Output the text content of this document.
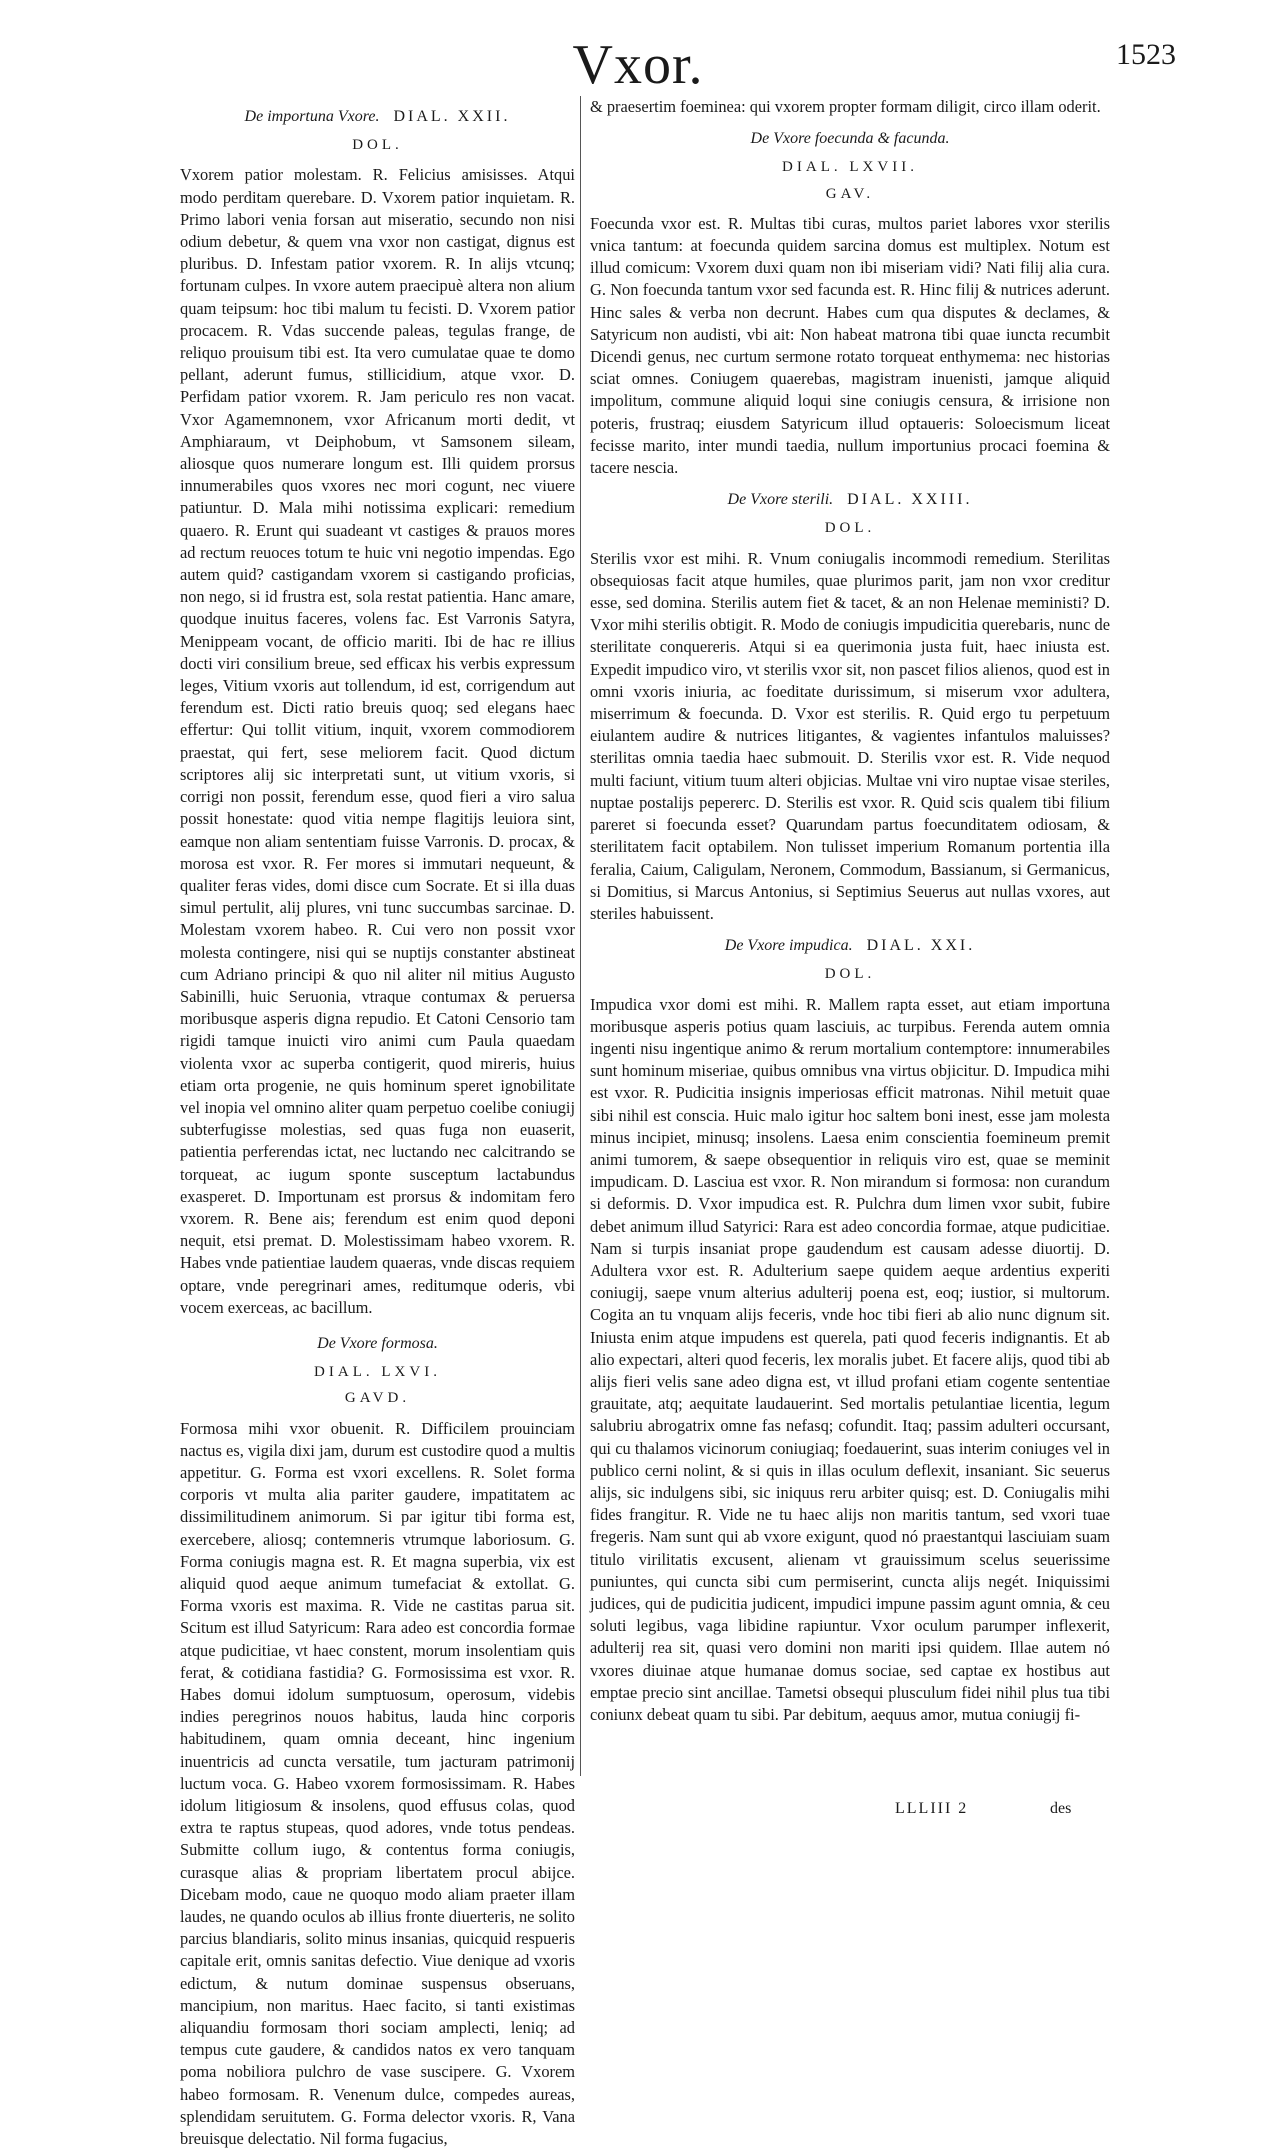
Vxor.	1523
De importuna Vxore. DIAL. XXII.
DOL.

Vxorem patior molestam. R. Felicius amisisses. Atqui modo perditam querebare. D. Vxorem patior inquietam. R. Primo labori venia forsan aut miseratio, secundo non nisi odium debetur, & quem vna vxor non castigat, dignus est pluribus. D. Infestam patior vxorem. R. In alijs vtcunq; fortunam culpes. In vxore autem praecipuè altera non alium quam teipsum: hoc tibi malum tu fecisti. D. Vxorem patior procacem. R. Vdas succende paleas, tegulas frange, de reliquo prouisum tibi est. Ita vero cumulatae quae te domo pellant, aderunt fumus, stillicidium, atque vxor. D. Perfidam patior vxorem. R. Jam periculo res non vacat. Vxor Agamemnonem, vxor Africanum morti dedit, vt Amphiaraum, vt Deiphobum, vt Samsonem sileam, aliosque quos numerare longum est. Illi quidem prorsus innumerabiles quos vxores nec mori cogunt, nec viuere patiuntur. D. Mala mihi notissima explicari: remedium quaero. R. Erunt qui suadeant vt castiges & prauos mores ad rectum reuoces totum te huic vni negotio impendas. Ego autem quid? castigandam vxorem si castigando proficias, non nego, si id frustra est, sola restat patientia. Hanc amare, quodque inuitus faceres, volens fac. Est Varronis Satyra, Menippeam vocant, de officio mariti. Ibi de hac re illius docti viri consilium breue, sed efficax his verbis expressum leges, Vitium vxoris aut tollendum, id est, corrigendum aut ferendum est. Dicti ratio breuis quoq; sed elegans haec effertur: Qui tollit vitium, inquit, vxorem commodiorem praestat, qui fert, sese meliorem facit. Quod dictum scriptores alij sic interpretati sunt, ut vitium vxoris, si corrigi non possit, ferendum esse, quod fieri a viro salua possit honestate: quod vitia nempe flagitijs leuiora sint, eamque non aliam sententiam fuisse Varronis. D. procax, & morosa est vxor. R. Fer mores si immutari nequeunt, & qualiter feras vides, domi disce cum Socrate. Et si illa duas simul pertulit, alij plures, vni tunc succumbas sarcinae. D. Molestam vxorem habeo. R. Cui vero non possit vxor molesta contingere, nisi qui se nuptijs constanter abstineat cum Adriano principi & quo nil aliter nil mitius Augusto Sabinilli, huic Seruonia, vtraque contumax & peruersa moribusque asperis digna repudio. Et Catoni Censorio tam rigidi tamque inuicti viro animi cum Paula quaedam violenta vxor ac superba contigerit, quod mireris, huius etiam orta progenie, ne quis hominum speret ignobilitate vel inopia vel omnino aliter quam perpetuo coelibe coniugij subterfugisse molestias, sed quas fuga non euaserit, patientia perferendas ictat, nec luctando nec calcitrando se torqueat, ac iugum sponte susceptum lactabundus exasperet. D. Importunam est prorsus & indomitam fero vxorem. R. Bene ais; ferendum est enim quod deponi nequit, etsi premat. D. Molestissimam habeo vxorem. R. Habes vnde patientiae laudem quaeras, vnde discas requiem optare, vnde peregrinari ames, reditumque oderis, vbi vocem exerceas, ac bacillum.

De Vxore formosa.
DIAL. LXVI.
GAVD.

Formosa mihi vxor obuenit. R. Difficilem prouinciam nactus es, vigila dixi jam, durum est custodire quod a multis appetitur. G. Forma est vxori excellens. R. Solet forma corporis vt multa alia pariter gaudere, impatitatem ac dissimilitudinem animorum. Si par igitur tibi forma est, exercebere, aliosq; contemneris vtrumque laboriosum. G. Forma coniugis magna est. R. Et magna superbia, vix est aliquid quod aeque animum tumefaciat & extollat. G. Forma vxoris est maxima. R. Vide ne castitas parua sit. Scitum est illud Satyricum: Rara adeo est concordia formae atque pudicitiae, vt haec constent, morum insolentiam quis ferat, & cotidiana fastidia? G. Formosissima est vxor. R. Habes domui idolum sumptuosum, operosum, videbis indies peregrinos nouos habitus, lauda hinc corporis habitudinem, quam omnia deceant, hinc ingenium inuentricis ad cuncta versatile, tum jacturam patrimonij luctum voca. G. Habeo vxorem formosissimam. R. Habes idolum litigiosum & insolens, quod effusus colas, quod extra te raptus stupeas, quod adores, vnde totus pendeas. Submitte collum iugo, & contentus forma coniugis, curasque alias & propriam libertatem procul abijce. Dicebam modo, caue ne quoquo modo aliam praeter illam laudes, ne quando oculos ab illius fronte diuerteris, ne solito parcius blandiaris, solito minus insanias, quicquid respueris capitale erit, omnis sanitas defectio. Viue denique ad vxoris edictum, & nutum dominae suspensus obseruans, mancipium, non maritus. Haec facito, si tanti existimas aliquandiu formosam thori sociam amplecti, leniq; ad tempus cute gaudere, & candidos natos ex vero tanquam poma nobiliora pulchro de vase suscipere. G. Vxorem habeo formosam. R. Venenum dulce, compedes aureas, splendidam seruitutem. G. Forma delector vxoris. R, Vana breuisque delectatio. Nil forma fugacius,

& praesertim foeminea: qui vxorem propter formam diligit, circo illam oderit.

De Vxore foecunda & facunda.
DIAL. LXVII.
GAV.

Foecunda vxor est. R. Multas tibi curas, multos pariet labores vxor sterilis vnica tantum: at foecunda quidem sarcina domus est multiplex. Notum est illud comicum: Vxorem duxi quam non ibi miseriam vidi? Nati filij alia cura. G. Non foecunda tantum vxor sed facunda est. R. Hinc filij & nutrices aderunt. Hinc sales & verba non decrunt. Habes cum qua disputes & declames, & Satyricum non audisti, vbi ait: Non habeat matrona tibi quae iuncta recumbit Dicendi genus, nec curtum sermone rotato torqueat enthymema: nec historias sciat omnes. Coniugem quaerebas, magistram inuenisti, jamque aliquid impolitum, commune aliquid loqui sine coniugis censura, & irrisione non poteris, frustraq; eiusdem Satyricum illud optaueris: Soloecismum liceat fecisse marito, inter mundi taedia, nullum importunius procaci foemina & tacere nescia.

De Vxore sterili. DIAL. XXIII.
DOL.

Sterilis vxor est mihi. R. Vnum coniugalis incommodi remedium. Sterilitas obsequiosas facit atque humiles, quae plurimos parit, jam non vxor creditur esse, sed domina. Sterilis autem fiet & tacet, & an non Helenae meministi? D. Vxor mihi sterilis obtigit. R. Modo de coniugis impudicitia querebaris, nunc de sterilitate conquereris. Atqui si ea querimonia justa fuit, haec iniusta est. Expedit impudico viro, vt sterilis vxor sit, non pascet filios alienos, quod est in omni vxoris iniuria, ac foeditate durissimum, si miserum vxor adultera, miserrimum & foecunda. D. Vxor est sterilis. R. Quid ergo tu perpetuum eiulantem audire & nutrices litigantes, & vagientes infantulos maluisses? sterilitas omnia taedia haec submouit. D. Sterilis vxor est. R. Vide nequod multi faciunt, vitium tuum alteri objicias. Multae vni viro nuptae visae steriles, nuptae postalijs pepererc. D. Sterilis est vxor. R. Quid scis qualem tibi filium pareret si foecunda esset? Quarundam partus foecunditatem odiosam, & sterilitatem facit optabilem. Non tulisset imperium Romanum portentia illa feralia, Caium, Caligulam, Neronem, Commodum, Bassianum, si Germanicus, si Domitius, si Marcus Antonius, si Septimius Seuerus aut nullas vxores, aut steriles habuissent.

De Vxore impudica. DIAL. XXI.
DOL.

Impudica vxor domi est mihi. R. Mallem rapta esset, aut etiam importuna moribusque asperis potius quam lasciuis, ac turpibus. Ferenda autem omnia ingenti nisu ingentique animo & rerum mortalium contemptore: innumerabiles sunt hominum miseriae, quibus omnibus vna virtus objicitur. D. Impudica mihi est vxor. R. Pudicitia insignis imperiosas efficit matronas. Nihil metuit quae sibi nihil est conscia. Huic malo igitur hoc saltem boni inest, esse jam molesta minus incipiet, minusq; insolens. Laesa enim conscientia foemineum premit animi tumorem, & saepe obsequentior in reliquis viro est, quae se meminit impudicam. D. Lasciua est vxor. R. Non mirandum si formosa: non curandum si deformis. D. Vxor impudica est. R. Pulchra dum limen vxor subit, fubire debet animum illud Satyrici: Rara est adeo concordia formae, atque pudicitiae. Nam si turpis insaniat prope gaudendum est causam adesse diuortij. D. Adultera vxor est. R. Adulterium saepe quidem aeque ardentius experiti coniugij, saepe vnum alterius adulterij poena est, eoq; iustior, si multorum. Cogita an tu vnquam alijs feceris, vnde hoc tibi fieri ab alio nunc dignum sit. Iniusta enim atque impudens est querela, pati quod feceris indignantis. Et ab alio expectari, alteri quod feceris, lex moralis jubet. Et facere alijs, quod tibi ab alijs fieri velis sane adeo digna est, vt illud profani etiam cogente sententiae grauitate, atq; aequitate laudauerint. Sed mortalis petulantiae licentia, legum salubriu abrogatrix omne fas nefasq; cofundit. Itaq; passim adulteri occursant, qui cu thalamos vicinorum coniugiaq; foedauerint, suas interim coniuges vel in publico cerni nolint, & si quis in illas oculum deflexit, insaniant. Sic seuerus alijs, sic indulgens sibi, sic iniquus reru arbiter quisq; est. D. Coniugalis mihi fides frangitur. R. Vide ne tu haec alijs non maritis tantum, sed vxori tuae fregeris. Nam sunt qui ab vxore exigunt, quod nó praestantqui lasciuiam suam titulo virilitatis excusent, alienam vt grauissimum scelus seuerissime puniuntes, qui cuncta sibi cum permiserint, cuncta alijs negét. Iniquissimi judices, qui de pudicitia judicent, impudici impune passim agunt omnia, & ceu soluti legibus, vaga libidine rapiuntur. Vxor oculum parumper inflexerit, adulterij rea sit, quasi vero domini non mariti ipsi quidem. Illae autem nó vxores diuinae atque humanae domus sociae, sed captae ex hostibus aut emptae precio sint ancillae. Tametsi obsequi plusculum fidei nihil plus tua tibi coniunx debeat quam tu sibi. Par debitum, aequus amor, mutua coniugij fi-

LLLIII 2	des
